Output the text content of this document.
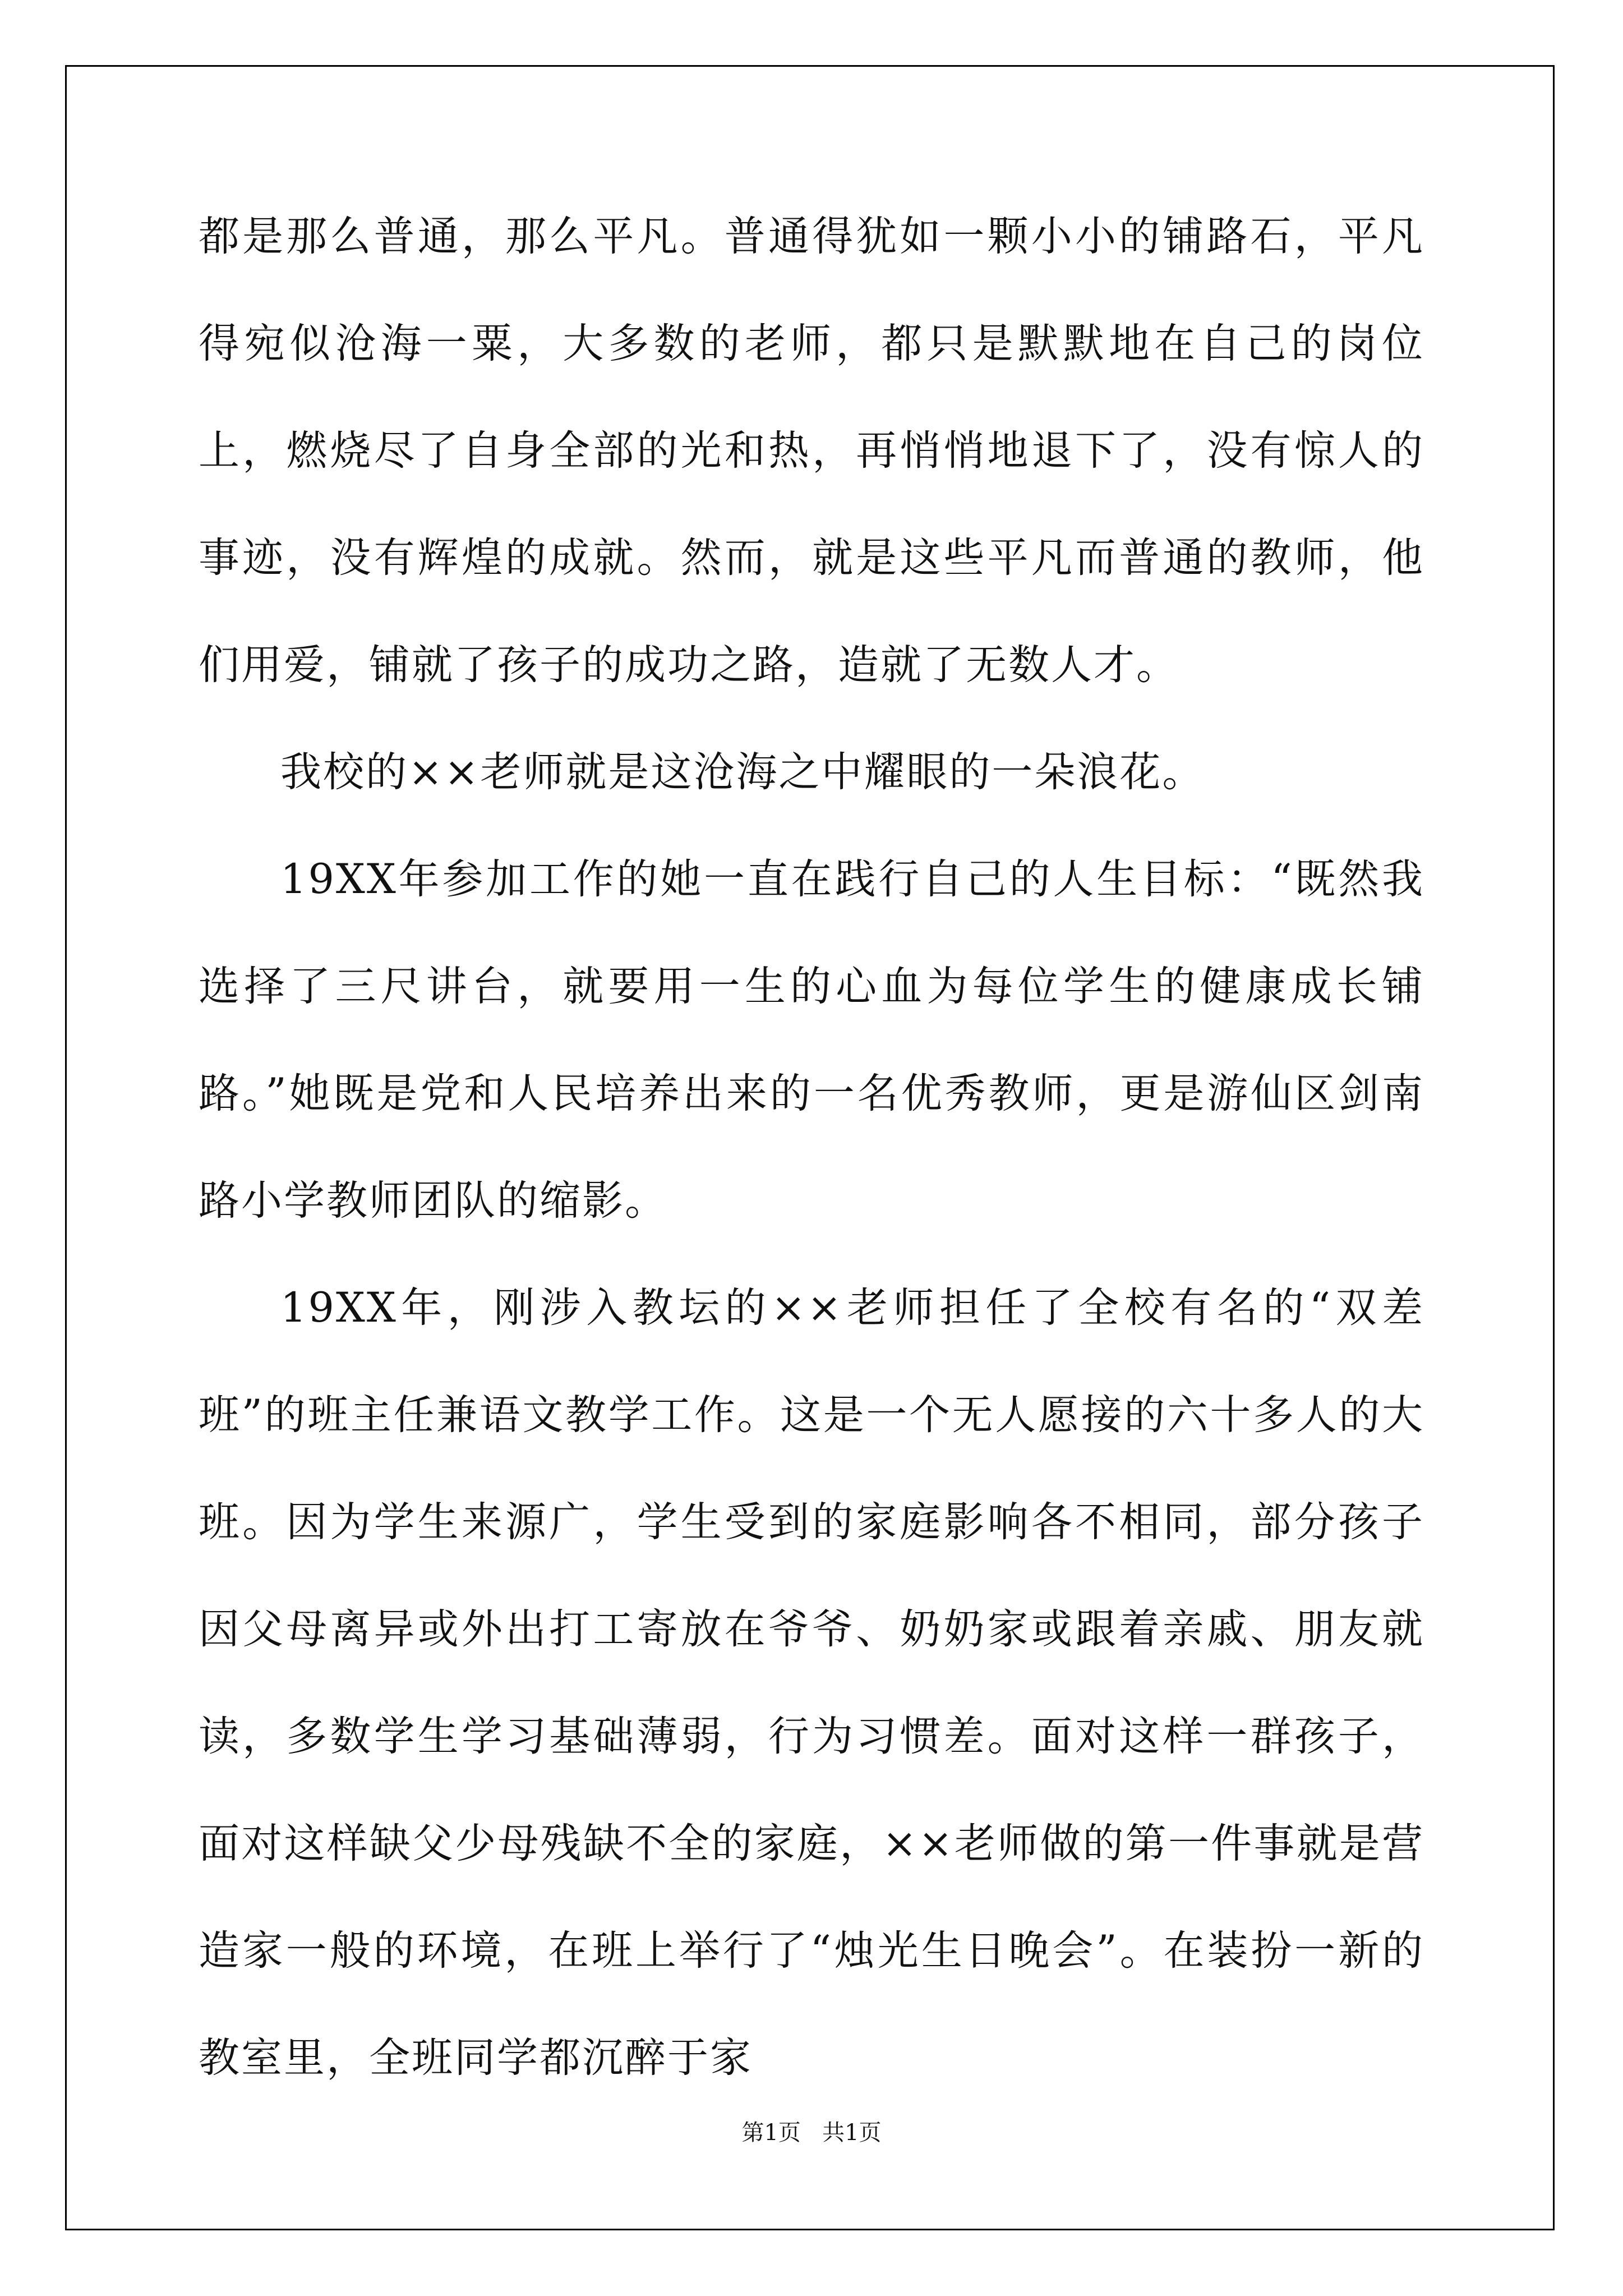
都是那么普通，那么平凡。普通得犹如一颗小小的铺路石，平凡得宛似沧海一粟，大多数的老师，都只是默默地在自己的岗位上，燃烧尽了自身全部的光和热，再悄悄地退下了，没有惊人的事迹，没有辉煌的成就。然而，就是这些平凡而普通的教师，他们用爱，铺就了孩子的成功之路，造就了无数人才。

我校的××老师就是这沧海之中耀眼的一朵浪花。

19XX年参加工作的她一直在践行自己的人生目标：“既然我选择了三尺讲台，就要用一生的心血为每位学生的健康成长铺路。”她既是党和人民培养出来的一名优秀教师，更是游仙区剑南路小学教师团队的缩影。

19XX年，刚涉入教坛的××老师担任了全校有名的“双差班”的班主任兼语文教学工作。这是一个无人愿接的六十多人的大班。因为学生来源广，学生受到的家庭影响各不相同，部分孩子因父母离异或外出打工寄放在爷爷、奶奶家或跟着亲戚、朋友就读，多数学生学习基础薄弱，行为习惯差。面对这样一群孩子，面对这样缺父少母残缺不全的家庭，××老师做的第一件事就是营造家一般的环境，在班上举行了“烛光生日晚会”。在装扮一新的教室里，全班同学都沉醉于家

第1页 共1页
